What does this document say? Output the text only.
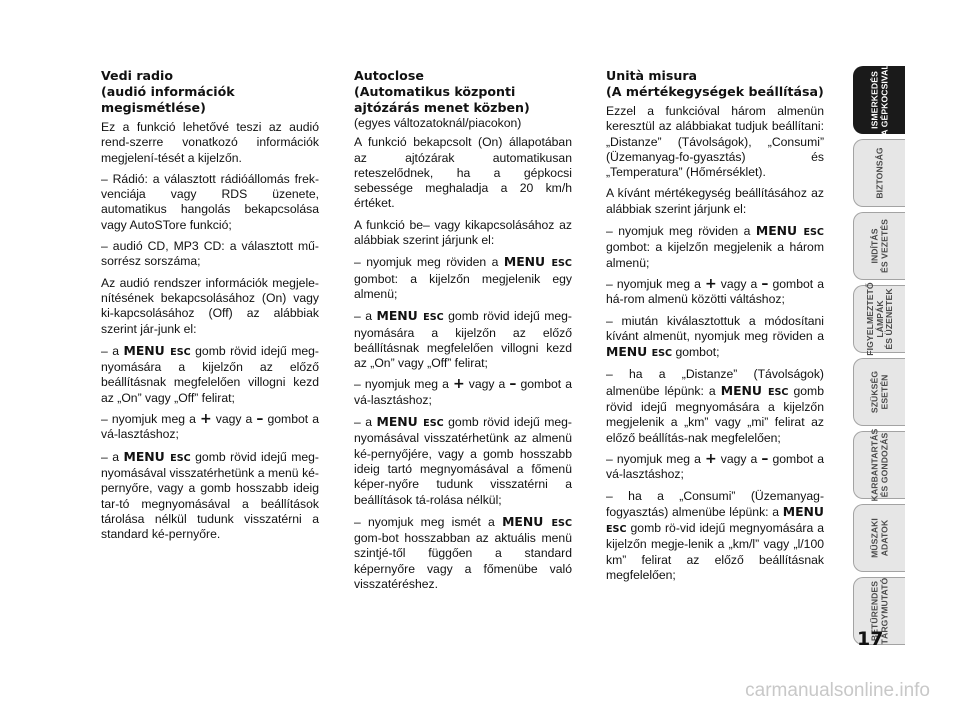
Vedi radio
(audió információk megismétlése)

Ez a funkció lehetővé teszi az audió rend-szerre vonatkozó információk megjelení-tését a kijelzőn.

– Rádió: a választott rádióállomás frek-venciája vagy RDS üzenete, automatikus hangolás bekapcsolása vagy AutoSTore funkció;

– audió CD, MP3 CD: a választott mű-sorrész sorszáma;

Az audió rendszer információk megjele-nítésének bekapcsolásához (On) vagy ki-kapcsolásához (Off) az alábbiak szerint jár-junk el:

– a MENU ESC gomb rövid idejű meg-nyomására a kijelzőn az előző beállításnak megfelelően villogni kezd az „On” vagy „Off” felirat;

– nyomjuk meg a + vagy a – gombot a vá-lasztáshoz;

– a MENU ESC gomb rövid idejű meg-nyomásával visszatérhetünk a menü ké-pernyőre, vagy a gomb hosszabb ideig tar-tó megnyomásával a beállítások tárolása nélkül tudunk visszatérni a standard ké-pernyőre.

Autoclose
(Automatikus központi ajtózárás menet közben)
(egyes változatoknál/piacokon)

A funkció bekapcsolt (On) állapotában az ajtózárak automatikusan reteszelődnek, ha a gépkocsi sebessége meghaladja a 20 km/h értéket.

A funkció be– vagy kikapcsolásához az alábbiak szerint járjunk el:

– nyomjuk meg röviden a MENU ESC gombot: a kijelzőn megjelenik egy almenü;

– a MENU ESC gomb rövid idejű meg-nyomására a kijelzőn az előző beállításnak megfelelően villogni kezd az „On” vagy „Off” felirat;

– nyomjuk meg a + vagy a – gombot a vá-lasztáshoz;

– a MENU ESC gomb rövid idejű meg-nyomásával visszatérhetünk az almenü ké-pernyőjére, vagy a gomb hosszabb ideig tartó megnyomásával a főmenü képer-nyőre tudunk visszatérni a beállítások tá-rolása nélkül;

– nyomjuk meg ismét a MENU ESC gom-bot hosszabban az aktuális menü szintjé-től függően a standard képernyőre vagy a főmenübe való visszatéréshez.

Unità misura
(A mértékegységek beállítása)

Ezzel a funkcióval három almenün keresztül az alábbiakat tudjuk beállítani: „Distanze” (Távolságok), „Consumi” (Üzemanyag-fo-gyasztás) és „Temperatura” (Hőmérséklet).

A kívánt mértékegység beállításához az alábbiak szerint járjunk el:

– nyomjuk meg röviden a MENU ESC gombot: a kijelzőn megjelenik a három almenü;

– nyomjuk meg a + vagy a – gombot a há-rom almenü közötti váltáshoz;

– miután kiválasztottuk a módosítani kívánt almenüt, nyomjuk meg röviden a MENU ESC gombot;

– ha a „Distanze” (Távolságok) almenübe lépünk: a MENU ESC gomb rövid idejű megnyomására a kijelzőn megjelenik a „km” vagy „mi” felirat az előző beállítás-nak megfelelően;

– nyomjuk meg a + vagy a – gombot a vá-lasztáshoz;

– ha a „Consumi” (Üzemanyag-fogyasztás) almenübe lépünk: a MENU ESC gomb rö-vid idejű megnyomására a kijelzőn megje-lenik a „km/l” vagy „l/100 km” felirat az előző beállításnak megfelelően;

ISMERKEDÉS A GÉPKOCSIVAL
BIZTONSÁG
INDÍTÁS ÉS VEZETÉS
FIGYELMEZTETŐ LÁMPÁK ÉS ÜZENETEK
SZÜKSÉG ESETÉN
KARBANTARTÁS ÉS GONDOZÁS
MŰSZAKI ADATOK
BETŰRENDES TÁRGYMUTATÓ
17
carmanualsonline.info
